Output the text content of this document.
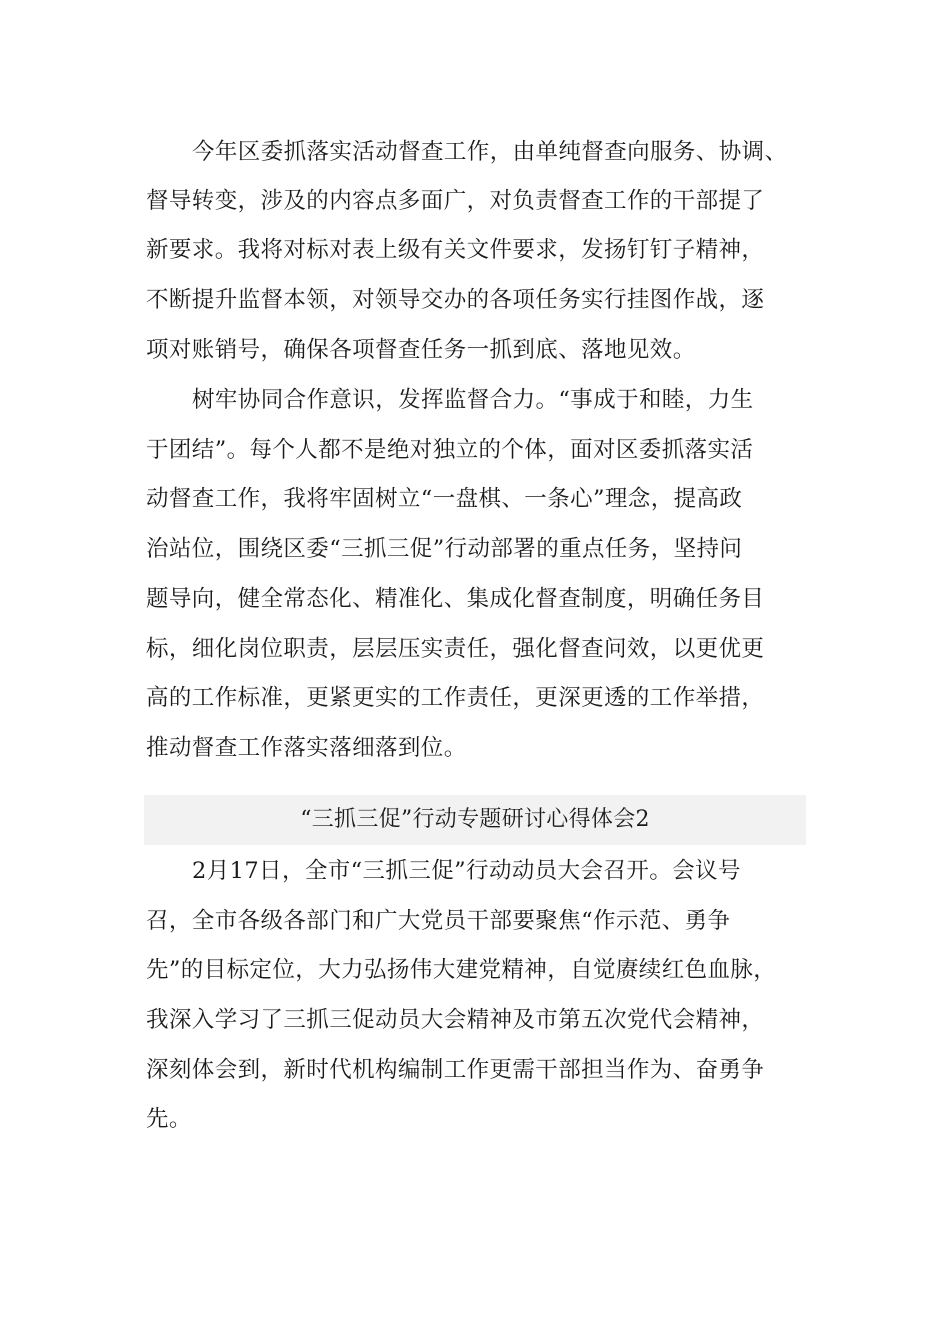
今年区委抓落实活动督查工作，由单纯督查向服务、协调、
督导转变，涉及的内容点多面广，对负责督查工作的干部提了
新要求。我将对标对表上级有关文件要求，发扬钉钉子精神，
不断提升监督本领，对领导交办的各项任务实行挂图作战，逐
项对账销号，确保各项督查任务一抓到底、落地见效。
树牢协同合作意识，发挥监督合力。“事成于和睦，力生
于团结”。每个人都不是绝对独立的个体，面对区委抓落实活
动督查工作，我将牢固树立“一盘棋、一条心”理念，提高政
治站位，围绕区委“三抓三促”行动部署的重点任务，坚持问
题导向，健全常态化、精准化、集成化督查制度，明确任务目
标，细化岗位职责，层层压实责任，强化督查问效，以更优更
高的工作标准，更紧更实的工作责任，更深更透的工作举措，
推动督查工作落实落细落到位。
“三抓三促”行动专题研讨心得体会2
2月17日，全市“三抓三促”行动动员大会召开。会议号
召，全市各级各部门和广大党员干部要聚焦“作示范、勇争
先”的目标定位，大力弘扬伟大建党精神，自觉赓续红色血脉，
我深入学习了三抓三促动员大会精神及市第五次党代会精神，
深刻体会到，新时代机构编制工作更需干部担当作为、奋勇争
先。
